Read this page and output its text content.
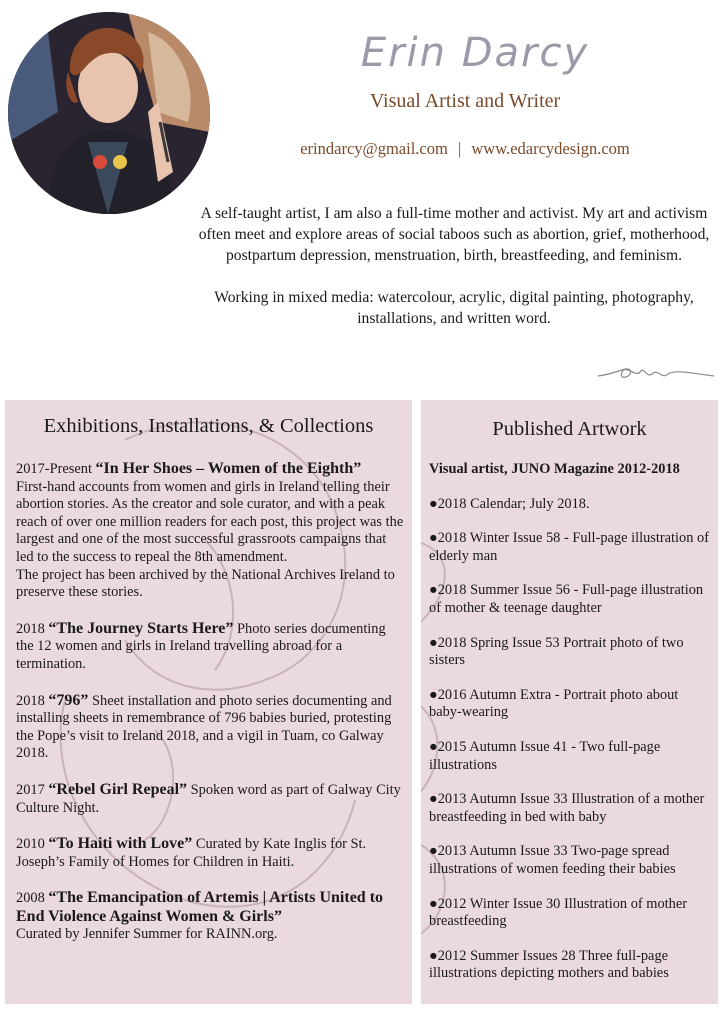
Erin Darcy
Visual Artist and Writer
erindarcy@gmail.com | www.edarcydesign.com

A self-taught artist, I am also a full-time mother and activist. My art and activism often meet and explore areas of social taboos such as abortion, grief, motherhood, postpartum depression, menstruation, birth, breastfeeding, and feminism.

Working in mixed media: watercolour, acrylic, digital painting, photography, installations, and written word.

Exhibitions, Installations, & Collections
2017-Present “In Her Shoes – Women of the Eighth”
First-hand accounts from women and girls in Ireland telling their abortion stories. As the creator and sole curator, and with a peak reach of over one million readers for each post, this project was the largest and one of the most successful grassroots campaigns that led to the success to repeal the 8th amendment.
The project has been archived by the National Archives Ireland to preserve these stories.
2018 “The Journey Starts Here” Photo series documenting the 12 women and girls in Ireland travelling abroad for a termination.
2018 “796” Sheet installation and photo series documenting and installing sheets in remembrance of 796 babies buried, protesting the Pope’s visit to Ireland 2018, and a vigil in Tuam, co Galway 2018.
2017 “Rebel Girl Repeal” Spoken word as part of Galway City Culture Night.
2010 “To Haiti with Love” Curated by Kate Inglis for St. Joseph’s Family of Homes for Children in Haiti.
2008 “The Emancipation of Artemis | Artists United to End Violence Against Women & Girls”
Curated by Jennifer Summer for RAINN.org.
Published Artwork
Visual artist, JUNO Magazine 2012-2018
●2018 Calendar; July 2018.
●2018 Winter Issue 58 - Full-page illustration of elderly man
●2018 Summer Issue 56 - Full-page illustration of mother & teenage daughter
●2018 Spring Issue 53 Portrait photo of two sisters
●2016 Autumn Extra - Portrait photo about baby-wearing
●2015 Autumn Issue 41 - Two full-page illustrations
●2013 Autumn Issue 33 Illustration of a mother breastfeeding in bed with baby
●2013 Autumn Issue 33 Two-page spread illustrations of women feeding their babies
●2012 Winter Issue 30 Illustration of mother breastfeeding
●2012 Summer Issues 28 Three full-page illustrations depicting mothers and babies
